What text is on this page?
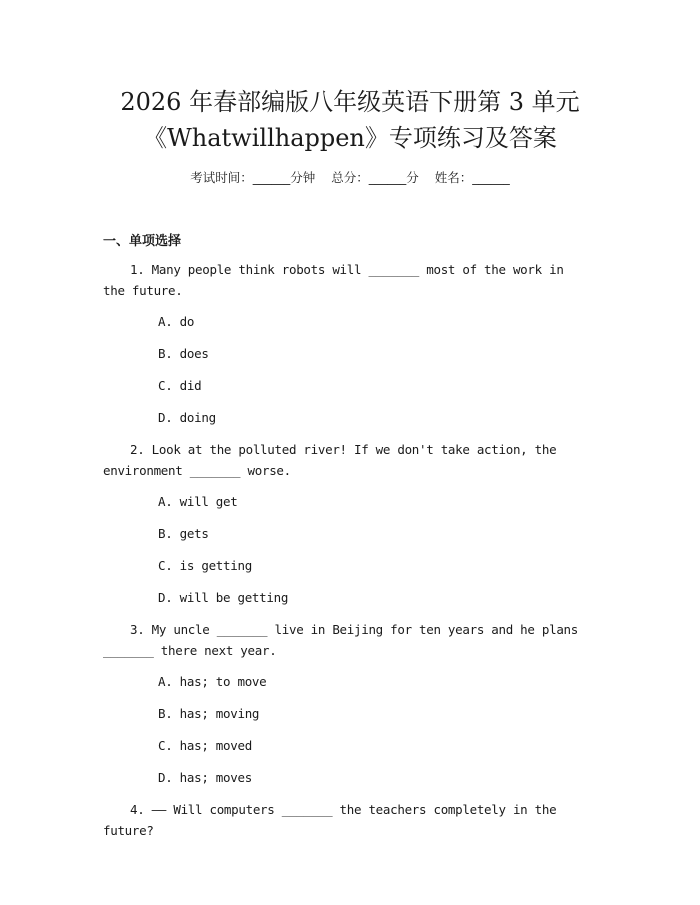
2026 年春部编版八年级英语下册第 3 单元
《Whatwillhappen》专项练习及答案
考试时间：______分钟 总分：______分 姓名：______
一、单项选择
1. Many people think robots will _______ most of the work in the future.
A. do
B. does
C. did
D. doing
2. Look at the polluted river! If we don't take action, the environment _______ worse.
A. will get
B. gets
C. is getting
D. will be getting
3. My uncle _______ live in Beijing for ten years and he plans _______ there next year.
A. has; to move
B. has; moving
C. has; moved
D. has; moves
4. —— Will computers _______ the teachers completely in the future?
